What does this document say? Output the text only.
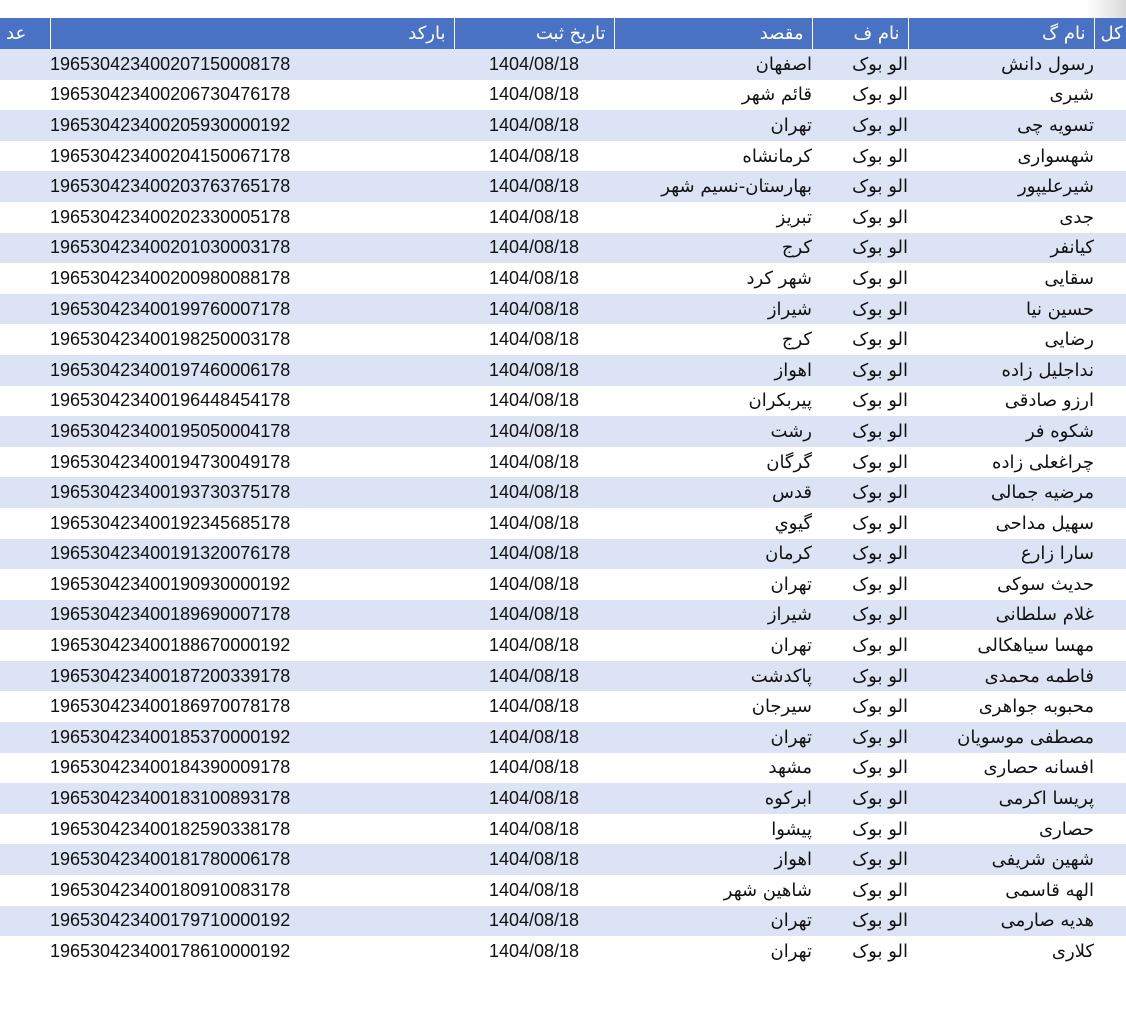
عد	بارکد	تاریخ ثبت	مقصد	نام ف	نام گ	کل
	196530423400207150008178	1404/08/18	اصفهان	الو بوک	رسول دانش	
	196530423400206730476178	1404/08/18	قائم شهر	الو بوک	شیری	
	196530423400205930000192	1404/08/18	تهران	الو بوک	تسویه چی	
	196530423400204150067178	1404/08/18	کرمانشاه	الو بوک	شهسواری	
	196530423400203763765178	1404/08/18	بهارستان-نسیم شهر	الو بوک	شیرعلیپور	
	196530423400202330005178	1404/08/18	تبریز	الو بوک	جدی	
	196530423400201030003178	1404/08/18	کرج	الو بوک	کیانفر	
	196530423400200980088178	1404/08/18	شهر کرد	الو بوک	سقایی	
	196530423400199760007178	1404/08/18	شیراز	الو بوک	حسین نیا	
	196530423400198250003178	1404/08/18	کرج	الو بوک	رضایی	
	196530423400197460006178	1404/08/18	اهواز	الو بوک	نداجلیل زاده	
	196530423400196448454178	1404/08/18	پیربکران	الو بوک	ارزو صادقی	
	196530423400195050004178	1404/08/18	رشت	الو بوک	شکوه فر	
	196530423400194730049178	1404/08/18	گرگان	الو بوک	چراغعلی زاده	
	196530423400193730375178	1404/08/18	قدس	الو بوک	مرضیه جمالی	
	196530423400192345685178	1404/08/18	گیوي	الو بوک	سهیل مداحی	
	196530423400191320076178	1404/08/18	کرمان	الو بوک	سارا زارع	
	196530423400190930000192	1404/08/18	تهران	الو بوک	حدیث سوکی	
	196530423400189690007178	1404/08/18	شیراز	الو بوک	غلام سلطانی	
	196530423400188670000192	1404/08/18	تهران	الو بوک	مهسا سیاهکالی	
	196530423400187200339178	1404/08/18	پاکدشت	الو بوک	فاطمه محمدی	
	196530423400186970078178	1404/08/18	سیرجان	الو بوک	محبوبه جواهری	
	196530423400185370000192	1404/08/18	تهران	الو بوک	مصطفی موسویان	
	196530423400184390009178	1404/08/18	مشهد	الو بوک	افسانه حصاری	
	196530423400183100893178	1404/08/18	ابرکوه	الو بوک	پریسا اکرمی	
	196530423400182590338178	1404/08/18	پیشوا	الو بوک	حصاری	
	196530423400181780006178	1404/08/18	اهواز	الو بوک	شهین شریفی	
	196530423400180910083178	1404/08/18	شاهین شهر	الو بوک	الهه قاسمی	
	196530423400179710000192	1404/08/18	تهران	الو بوک	هدیه صارمی	
	196530423400178610000192	1404/08/18	تهران	الو بوک	کلاری	
